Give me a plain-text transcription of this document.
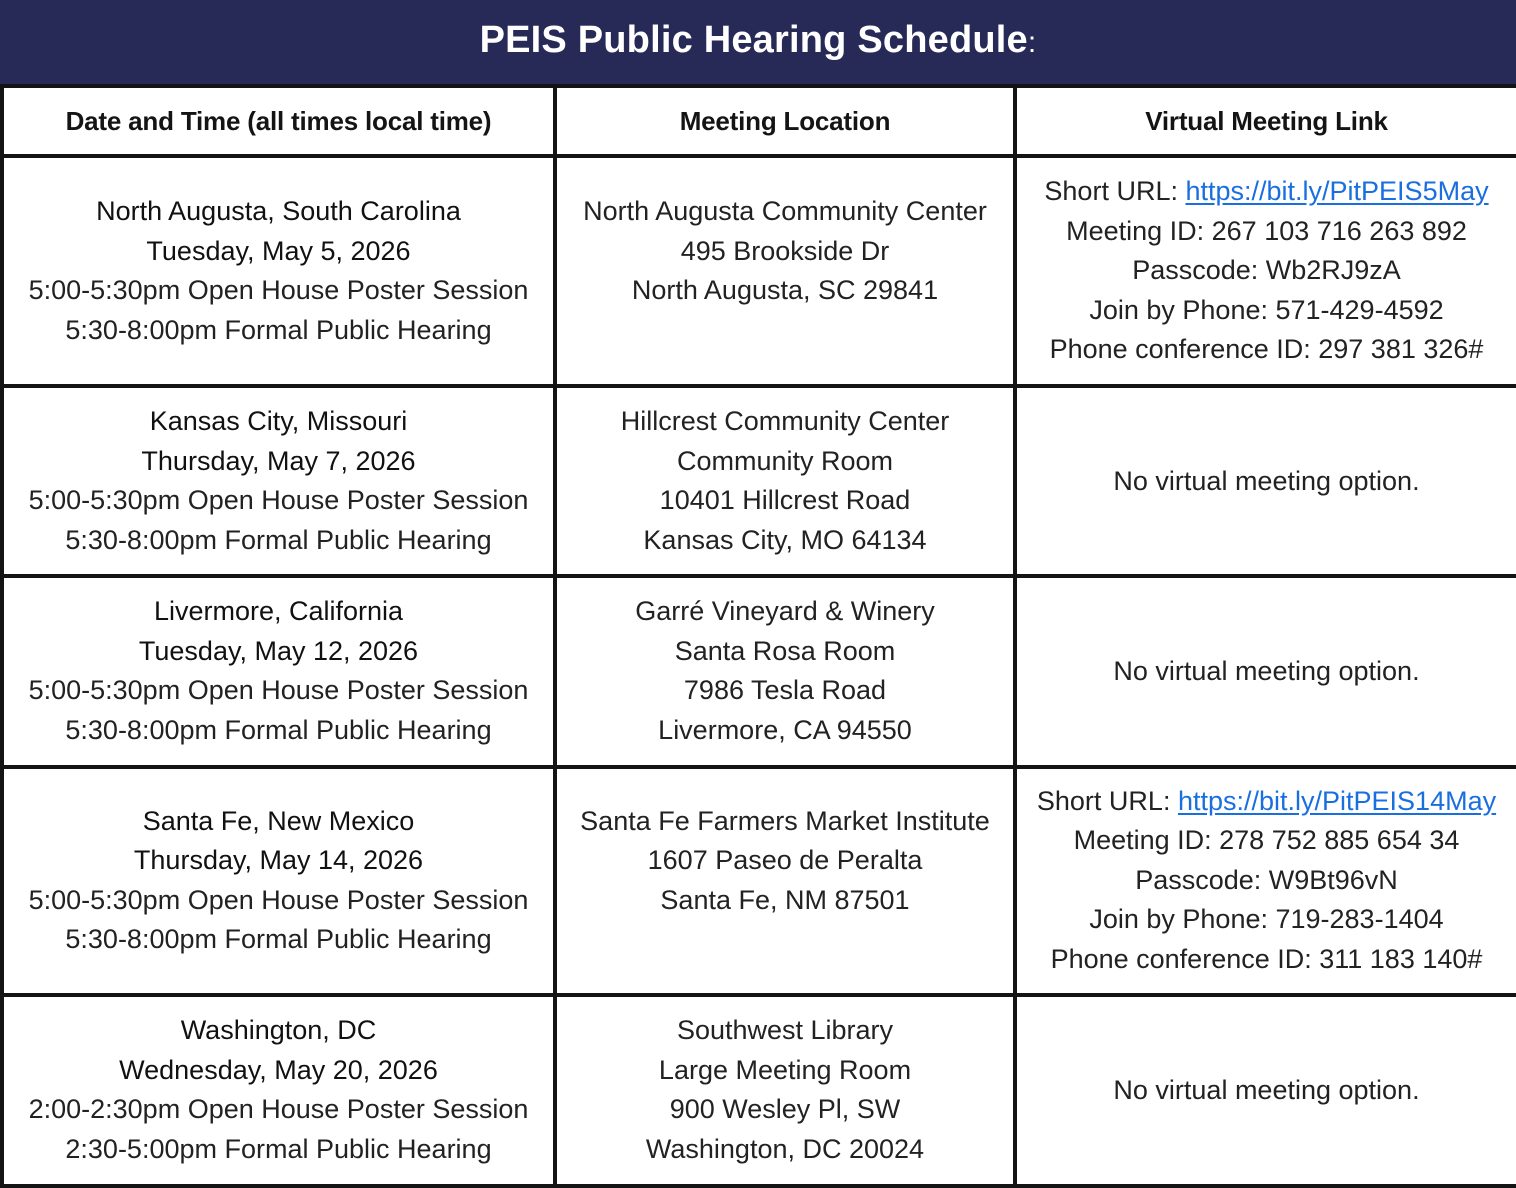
PEIS Public Hearing Schedule:
Date and Time (all times local time)	Meeting Location	Virtual Meeting Link

North Augusta, South Carolina
Tuesday, May 5, 2026
5:00-5:30pm Open House Poster Session
5:30-8:00pm Formal Public Hearing	North Augusta Community Center
495 Brookside Dr
North Augusta, SC 29841	Short URL: https://bit.ly/PitPEIS5May
Meeting ID: 267 103 716 263 892
Passcode: Wb2RJ9zA
Join by Phone: 571-429-4592
Phone conference ID: 297 381 326#

Kansas City, Missouri
Thursday, May 7, 2026
5:00-5:30pm Open House Poster Session
5:30-8:00pm Formal Public Hearing	Hillcrest Community Center
Community Room
10401 Hillcrest Road
Kansas City, MO 64134	No virtual meeting option.

Livermore, California
Tuesday, May 12, 2026
5:00-5:30pm Open House Poster Session
5:30-8:00pm Formal Public Hearing	Garré Vineyard & Winery
Santa Rosa Room
7986 Tesla Road
Livermore, CA 94550	No virtual meeting option.

Santa Fe, New Mexico
Thursday, May 14, 2026
5:00-5:30pm Open House Poster Session
5:30-8:00pm Formal Public Hearing	Santa Fe Farmers Market Institute
1607 Paseo de Peralta
Santa Fe, NM 87501	Short URL: https://bit.ly/PitPEIS14May
Meeting ID: 278 752 885 654 34
Passcode: W9Bt96vN
Join by Phone: 719-283-1404
Phone conference ID: 311 183 140#

Washington, DC
Wednesday, May 20, 2026
2:00-2:30pm Open House Poster Session
2:30-5:00pm Formal Public Hearing	Southwest Library
Large Meeting Room
900 Wesley Pl, SW
Washington, DC 20024	No virtual meeting option.
